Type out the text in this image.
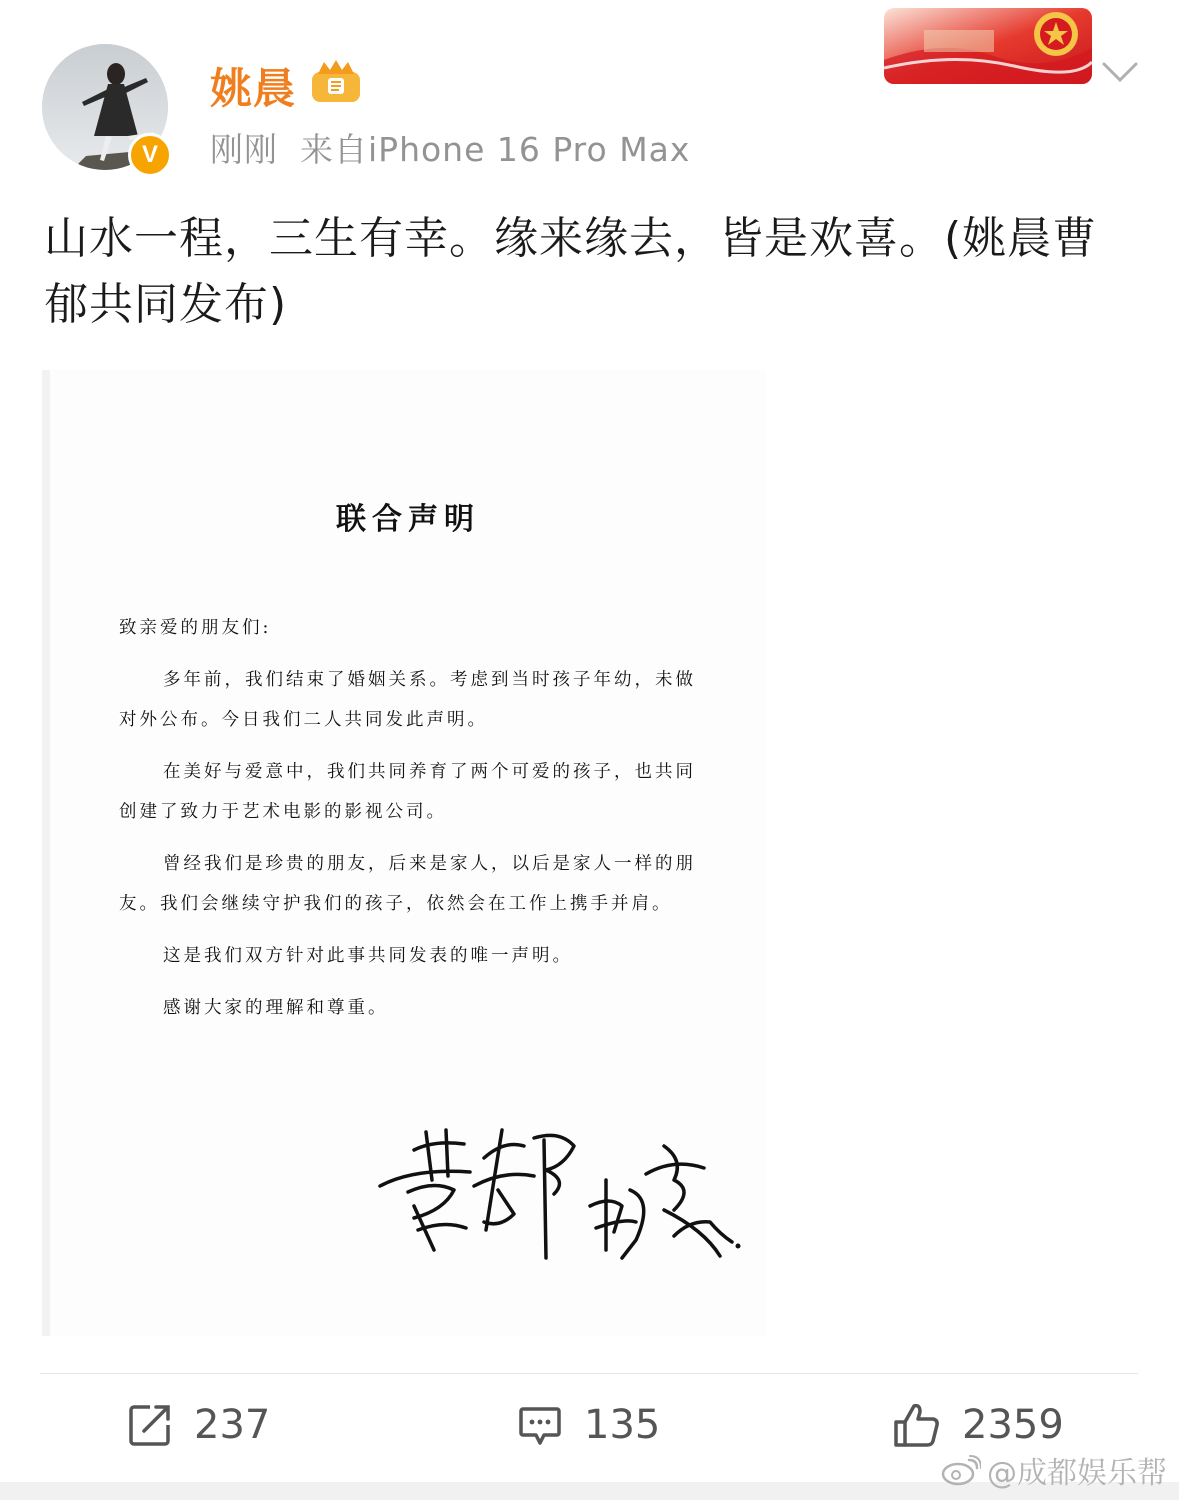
V
姚晨
刚刚 来自iPhone 16 Pro Max
山水一程，三生有幸。缘来缘去，皆是欢喜。(姚晨曹郁共同发布)
联合声明

致亲爱的朋友们:

多年前，我们结束了婚姻关系。考虑到当时孩子年幼，未做对外公布。今日我们二人共同发此声明。

在美好与爱意中，我们共同养育了两个可爱的孩子，也共同创建了致力于艺术电影的影视公司。

曾经我们是珍贵的朋友，后来是家人，以后是家人一样的朋友。我们会继续守护我们的孩子，依然会在工作上携手并肩。

这是我们双方针对此事共同发表的唯一声明。

感谢大家的理解和尊重。

237	135	2359
@成都娱乐帮
